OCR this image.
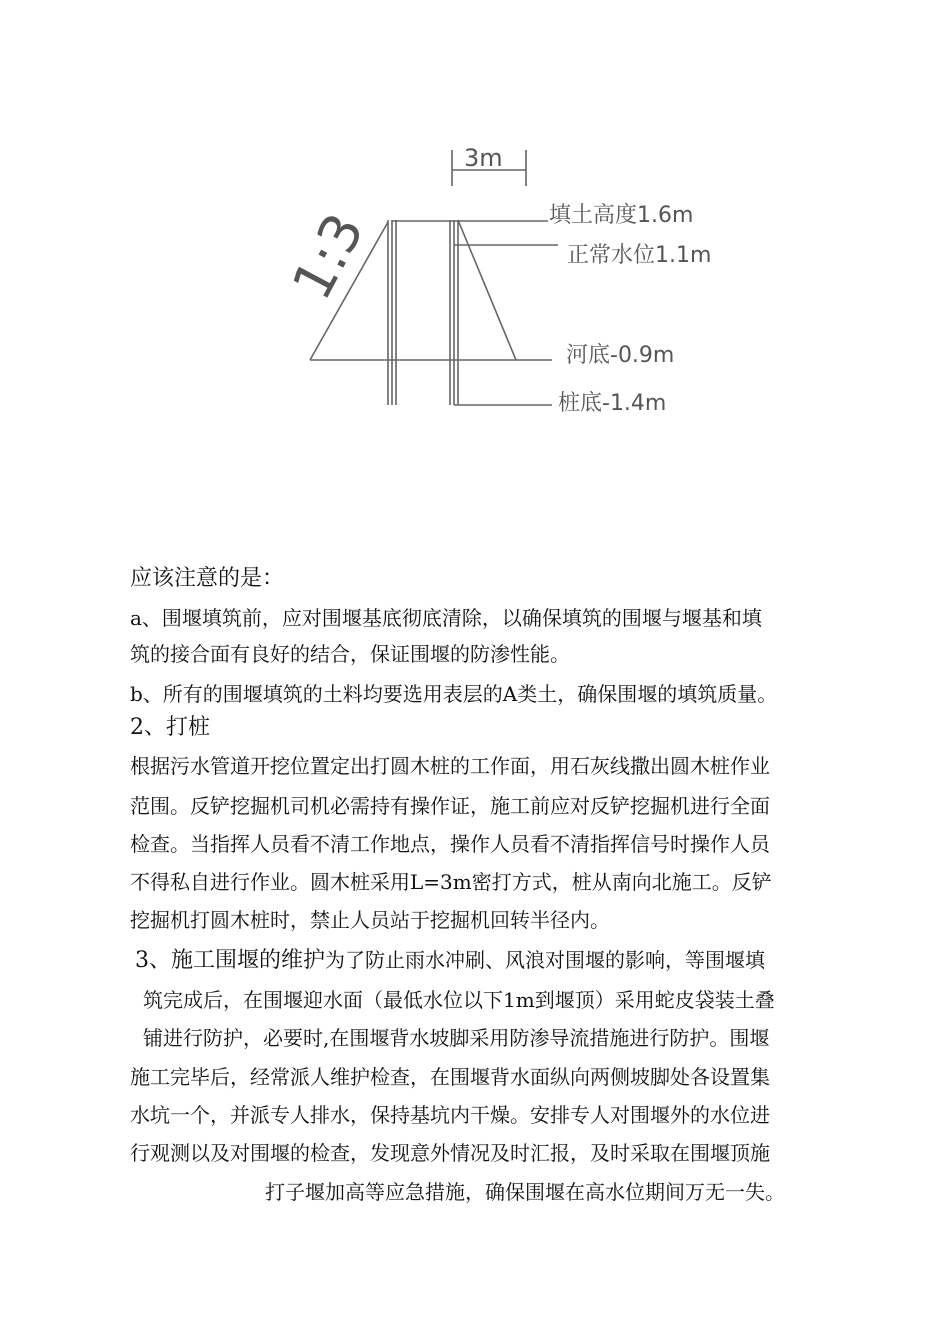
3m
1:3	填土高度1.6m
正常水位1.1m
河底-0.9m
桩底-1.4m

应该注意的是：

a、围堰填筑前，应对围堰基底彻底清除，以确保填筑的围堰与堰基和填

筑的接合面有良好的结合，保证围堰的防渗性能。

b、所有的围堰填筑的土料均要选用表层的A类土，确保围堰的填筑质量。

2、打桩

根据污水管道开挖位置定出打圆木桩的工作面，用石灰线撒出圆木桩作业

范围。反铲挖掘机司机必需持有操作证，施工前应对反铲挖掘机进行全面

检查。当指挥人员看不清工作地点，操作人员看不清指挥信号时操作人员

不得私自进行作业。圆木桩采用L=3m密打方式，桩从南向北施工。反铲

挖掘机打圆木桩时，禁止人员站于挖掘机回转半径内。

3、施工围堰的维护为了防止雨水冲刷、风浪对围堰的影响，等围堰填

筑完成后，在围堰迎水面（最低水位以下1m到堰顶）采用蛇皮袋装土叠

铺进行防护，必要时,在围堰背水坡脚采用防渗导流措施进行防护。围堰

施工完毕后，经常派人维护检查，在围堰背水面纵向两侧坡脚处各设置集

水坑一个，并派专人排水，保持基坑内干燥。安排专人对围堰外的水位进

行观测以及对围堰的检查，发现意外情况及时汇报，及时采取在围堰顶施

打子堰加高等应急措施，确保围堰在高水位期间万无一失。
